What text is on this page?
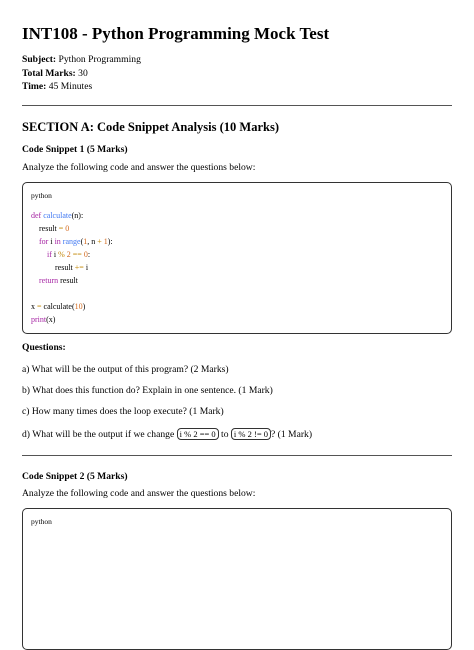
INT108 - Python Programming Mock Test
Subject: Python Programming
Total Marks: 30
Time: 45 Minutes
SECTION A: Code Snippet Analysis (10 Marks)
Code Snippet 1 (5 Marks)
Analyze the following code and answer the questions below:
python
def calculate(n):
result = 0
for i in range(1, n + 1):
if i % 2 == 0:
result += i
return result

x = calculate(10)
print(x)
Questions:
a) What will be the output of this program? (2 Marks)
b) What does this function do? Explain in one sentence. (1 Mark)
c) How many times does the loop execute? (1 Mark)
d) What will be the output if we change i % 2 == 0 to i % 2 != 0 ? (1 Mark)
Code Snippet 2 (5 Marks)
Analyze the following code and answer the questions below:
python
